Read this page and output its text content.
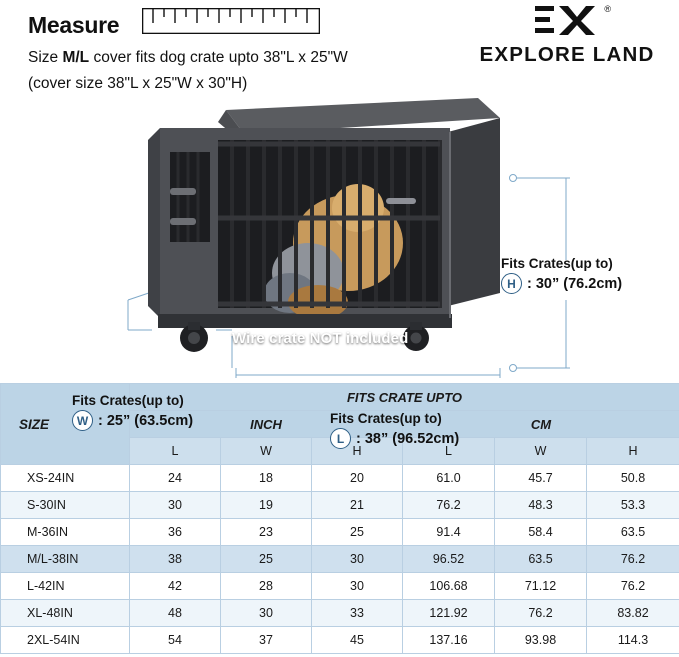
Measure
Size M/L cover fits dog crate upto 38"L x 25"W
(cover size 38"L x 25"W x 30"H)
®
EXPLORE LAND
Wire crate NOT included
Fits Crates(up to)
H : 30” (76.2cm)
Fits Crates(up to)
W : 25” (63.5cm)	Fits Crates(up to)
L : 38” (96.52cm)
SIZE	FITS CRATE UPTO					
	INCH			CM		
	L	W	H	L	W	H
XS-24IN	24	18	20	61.0	45.7	50.8
S-30IN	30	19	21	76.2	48.3	53.3
M-36IN	36	23	25	91.4	58.4	63.5
M/L-38IN	38	25	30	96.52	63.5	76.2
L-42IN	42	28	30	106.68	71.12	76.2
XL-48IN	48	30	33	121.92	76.2	83.82
2XL-54IN	54	37	45	137.16	93.98	114.3
